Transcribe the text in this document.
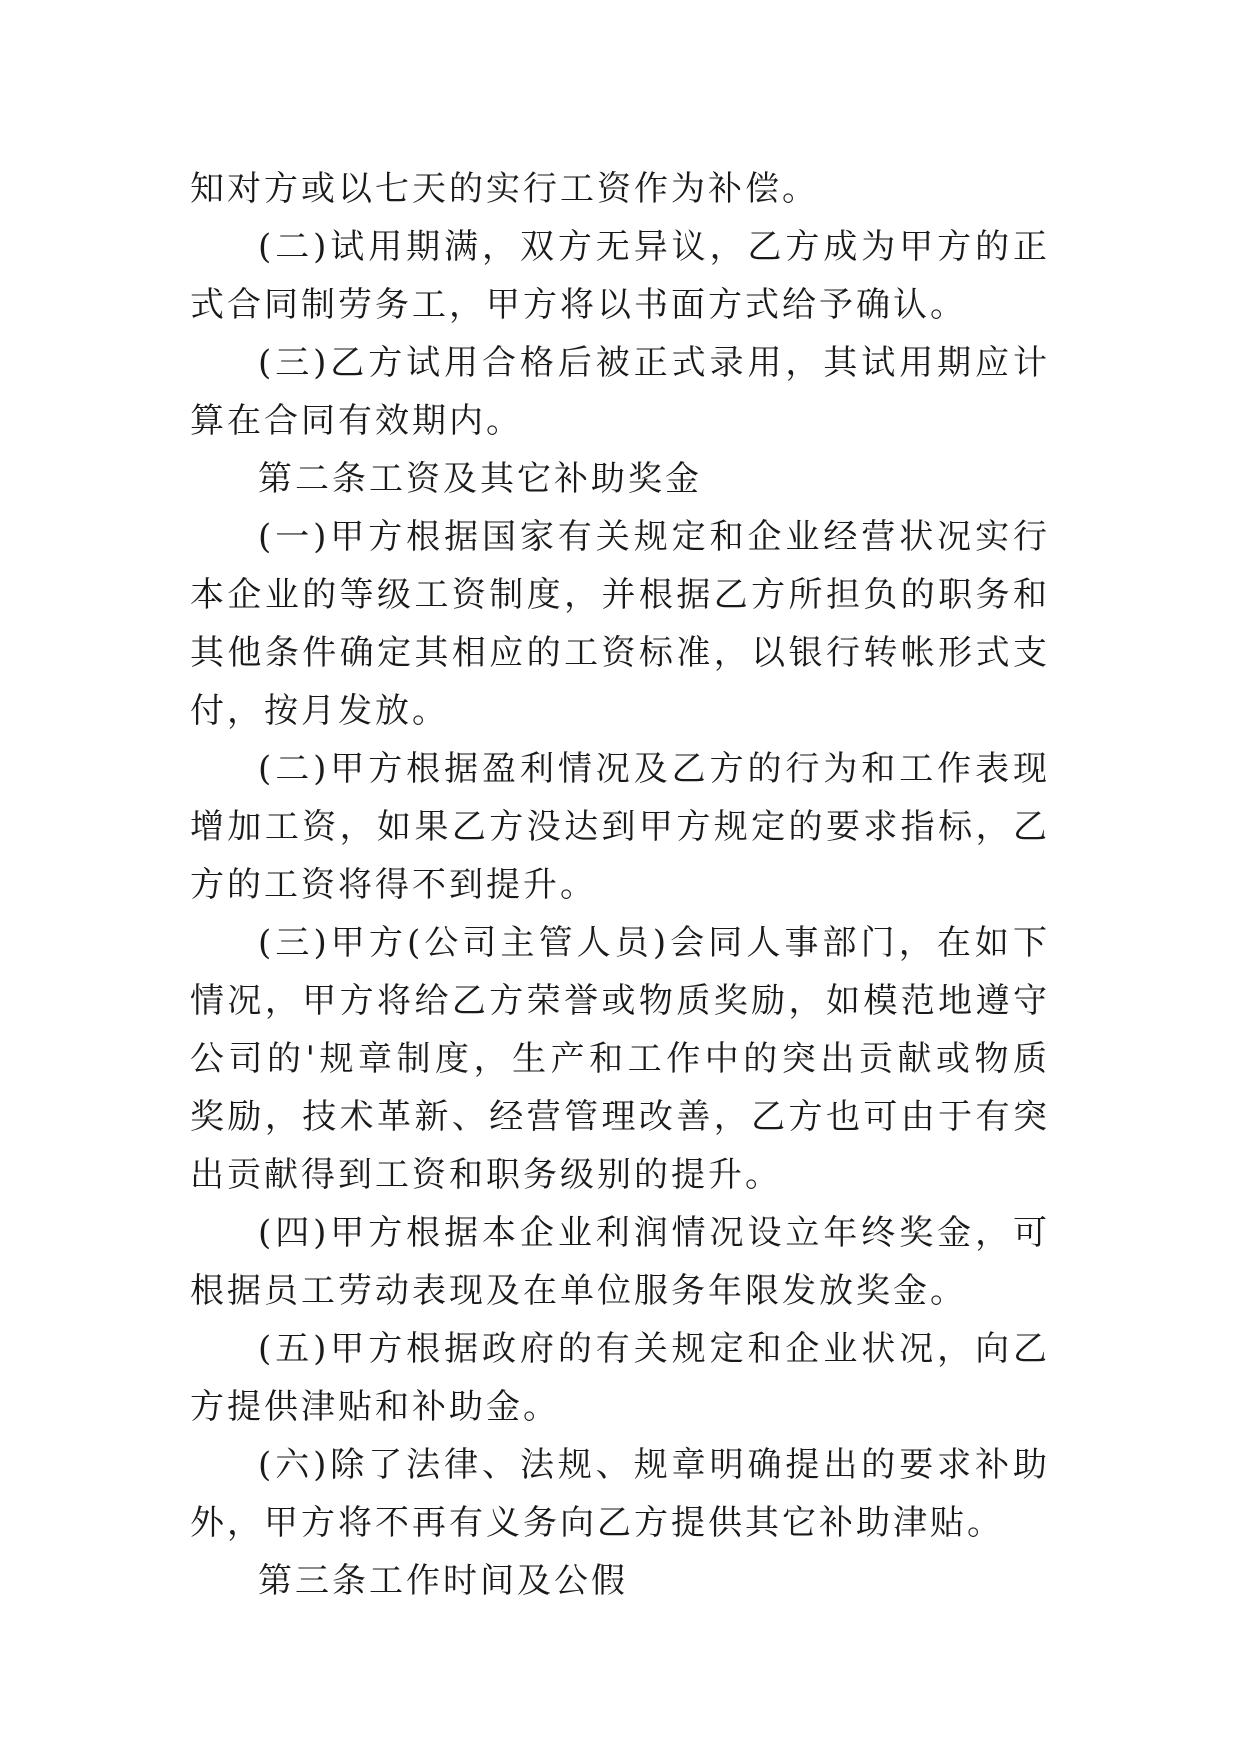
知对方或以七天的实行工资作为补偿。

(二)试用期满，双方无异议，乙方成为甲方的正式合同制劳务工，甲方将以书面方式给予确认。

(三)乙方试用合格后被正式录用，其试用期应计算在合同有效期内。

第二条工资及其它补助奖金

(一)甲方根据国家有关规定和企业经营状况实行本企业的等级工资制度，并根据乙方所担负的职务和其他条件确定其相应的工资标准，以银行转帐形式支付，按月发放。

(二)甲方根据盈利情况及乙方的行为和工作表现增加工资，如果乙方没达到甲方规定的要求指标，乙方的工资将得不到提升。

(三)甲方(公司主管人员)会同人事部门，在如下情况，甲方将给乙方荣誉或物质奖励，如模范地遵守公司的'规章制度，生产和工作中的突出贡献或物质奖励，技术革新、经营管理改善，乙方也可由于有突出贡献得到工资和职务级别的提升。

(四)甲方根据本企业利润情况设立年终奖金，可根据员工劳动表现及在单位服务年限发放奖金。

(五)甲方根据政府的有关规定和企业状况，向乙方提供津贴和补助金。

(六)除了法律、法规、规章明确提出的要求补助外，甲方将不再有义务向乙方提供其它补助津贴。

第三条工作时间及公假
